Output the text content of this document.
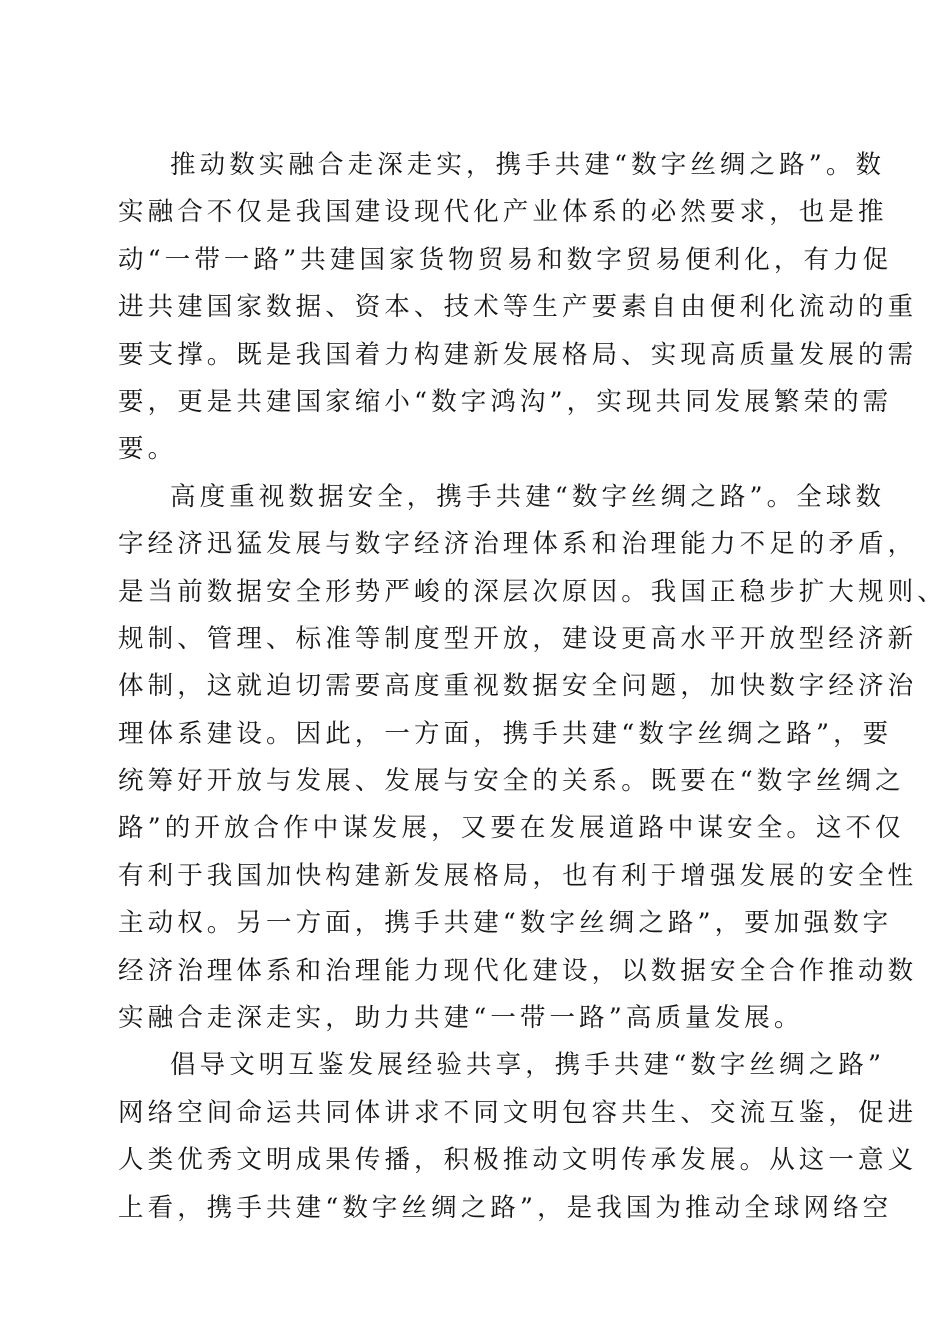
推动数实融合走深走实，携手共建“数字丝绸之路”。数
实融合不仅是我国建设现代化产业体系的必然要求，也是推
动“一带一路”共建国家货物贸易和数字贸易便利化，有力促
进共建国家数据、资本、技术等生产要素自由便利化流动的重
要支撑。既是我国着力构建新发展格局、实现高质量发展的需
要，更是共建国家缩小“数字鸿沟”，实现共同发展繁荣的需
要。
高度重视数据安全，携手共建“数字丝绸之路”。全球数
字经济迅猛发展与数字经济治理体系和治理能力不足的矛盾，
是当前数据安全形势严峻的深层次原因。我国正稳步扩大规则、
规制、管理、标准等制度型开放，建设更高水平开放型经济新
体制，这就迫切需要高度重视数据安全问题，加快数字经济治
理体系建设。因此，一方面，携手共建“数字丝绸之路”，要
统筹好开放与发展、发展与安全的关系。既要在“数字丝绸之
路”的开放合作中谋发展，又要在发展道路中谋安全。这不仅
有利于我国加快构建新发展格局，也有利于增强发展的安全性
主动权。另一方面，携手共建“数字丝绸之路”，要加强数字
经济治理体系和治理能力现代化建设，以数据安全合作推动数
实融合走深走实，助力共建“一带一路”高质量发展。
倡导文明互鉴发展经验共享，携手共建“数字丝绸之路”
网络空间命运共同体讲求不同文明包容共生、交流互鉴，促进
人类优秀文明成果传播，积极推动文明传承发展。从这一意义
上看，携手共建“数字丝绸之路”，是我国为推动全球网络空
